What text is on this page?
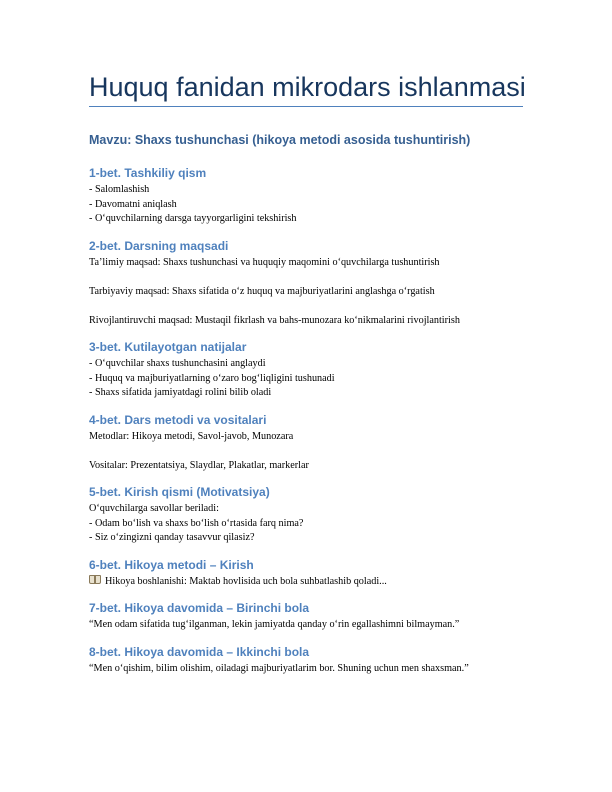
Huquq fanidan mikrodars ishlanmasi

Mavzu: Shaxs tushunchasi (hikoya metodi asosida tushuntirish)

1-bet. Tashkiliy qism

- Salomlashish

- Davomatni aniqlash

- O‘quvchilarning darsga tayyorgarligini tekshirish

2-bet. Darsning maqsadi

Ta’limiy maqsad: Shaxs tushunchasi va huquqiy maqomini o‘quvchilarga tushuntirish

Tarbiyaviy maqsad: Shaxs sifatida o‘z huquq va majburiyatlarini anglashga o‘rgatish

Rivojlantiruvchi maqsad: Mustaqil fikrlash va bahs-munozara ko‘nikmalarini rivojlantirish

3-bet. Kutilayotgan natijalar

- O‘quvchilar shaxs tushunchasini anglaydi

- Huquq va majburiyatlarning o‘zaro bog‘liqligini tushunadi

- Shaxs sifatida jamiyatdagi rolini bilib oladi

4-bet. Dars metodi va vositalari

Metodlar: Hikoya metodi, Savol-javob, Munozara

Vositalar: Prezentatsiya, Slaydlar, Plakatlar, markerlar

5-bet. Kirish qismi (Motivatsiya)

O‘quvchilarga savollar beriladi:

- Odam bo‘lish va shaxs bo‘lish o‘rtasida farq nima?

- Siz o‘zingizni qanday tasavvur qilasiz?

6-bet. Hikoya metodi – Kirish

Hikoya boshlanishi: Maktab hovlisida uch bola suhbatlashib qoladi...

7-bet. Hikoya davomida – Birinchi bola

“Men odam sifatida tug‘ilganman, lekin jamiyatda qanday o‘rin egallashimni bilmayman.”

8-bet. Hikoya davomida – Ikkinchi bola

“Men o‘qishim, bilim olishim, oiladagi majburiyatlarim bor. Shuning uchun men shaxsman.”
